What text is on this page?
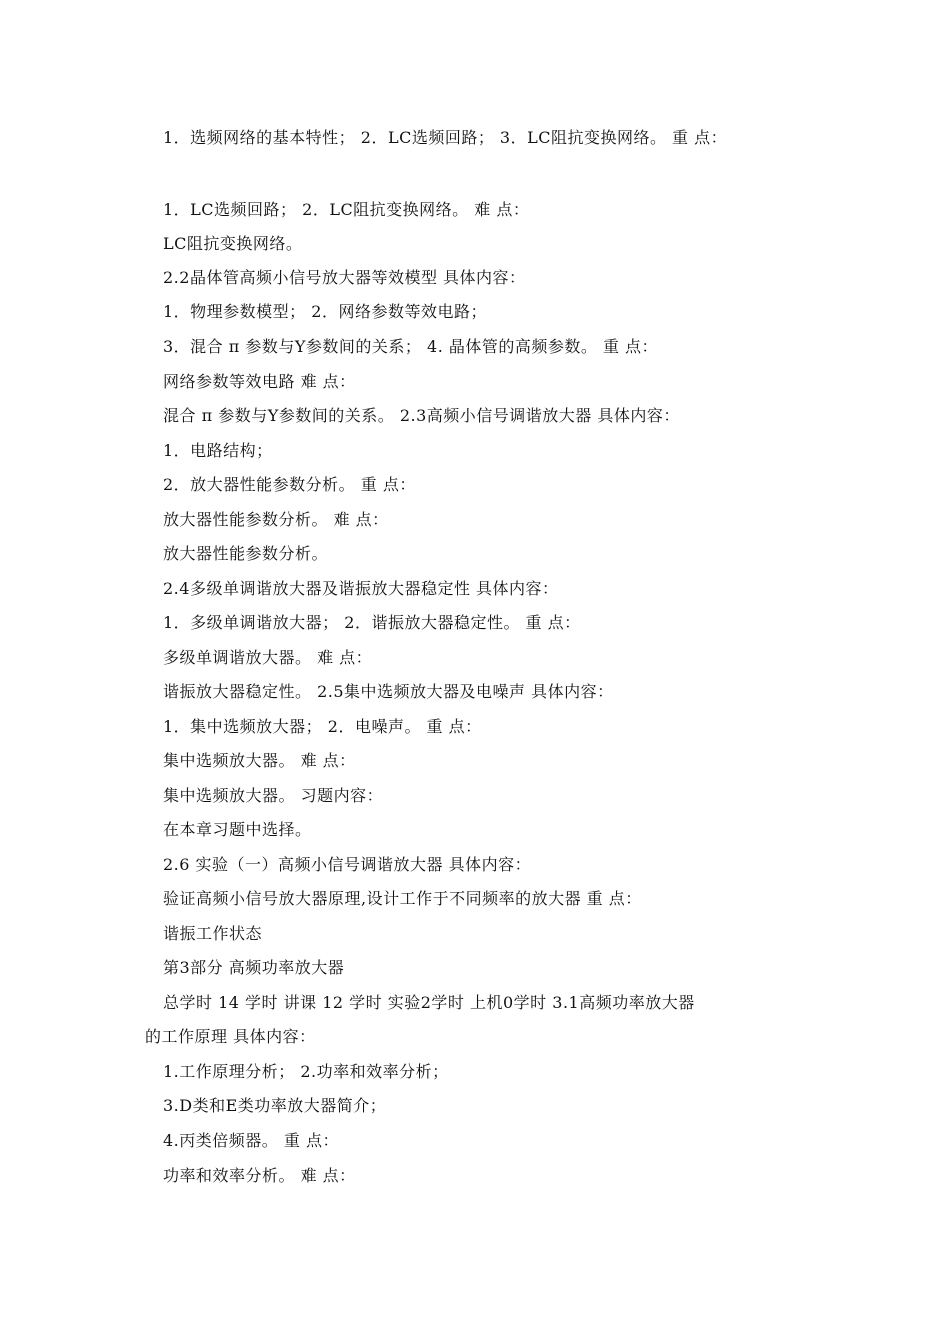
1．选频网络的基本特性； 2．LC选频回路； 3．LC阻抗变换网络。 重 点：
1．LC选频回路； 2．LC阻抗变换网络。 难 点：
LC阻抗变换网络。
2.2晶体管高频小信号放大器等效模型 具体内容：
1．物理参数模型； 2．网络参数等效电路；
3．混合 π 参数与Y参数间的关系； 4. 晶体管的高频参数。 重 点：
网络参数等效电路 难 点：
混合 π 参数与Y参数间的关系。 2.3高频小信号调谐放大器 具体内容：
1．电路结构；
2．放大器性能参数分析。 重 点：
放大器性能参数分析。 难 点：
放大器性能参数分析。
2.4多级单调谐放大器及谐振放大器稳定性 具体内容：
1．多级单调谐放大器； 2．谐振放大器稳定性。 重 点：
多级单调谐放大器。 难 点：
谐振放大器稳定性。 2.5集中选频放大器及电噪声 具体内容：
1．集中选频放大器； 2．电噪声。 重 点：
集中选频放大器。 难 点：
集中选频放大器。 习题内容：
在本章习题中选择。
2.6 实验（一）高频小信号调谐放大器 具体内容：
验证高频小信号放大器原理,设计工作于不同频率的放大器 重 点：
谐振工作状态
第3部分 高频功率放大器
总学时 14 学时 讲课 12 学时 实验2学时 上机0学时 3.1高频功率放大器
的工作原理 具体内容：
1.工作原理分析； 2.功率和效率分析；
3.D类和E类功率放大器简介；
4.丙类倍频器。 重 点：
功率和效率分析。 难 点：
